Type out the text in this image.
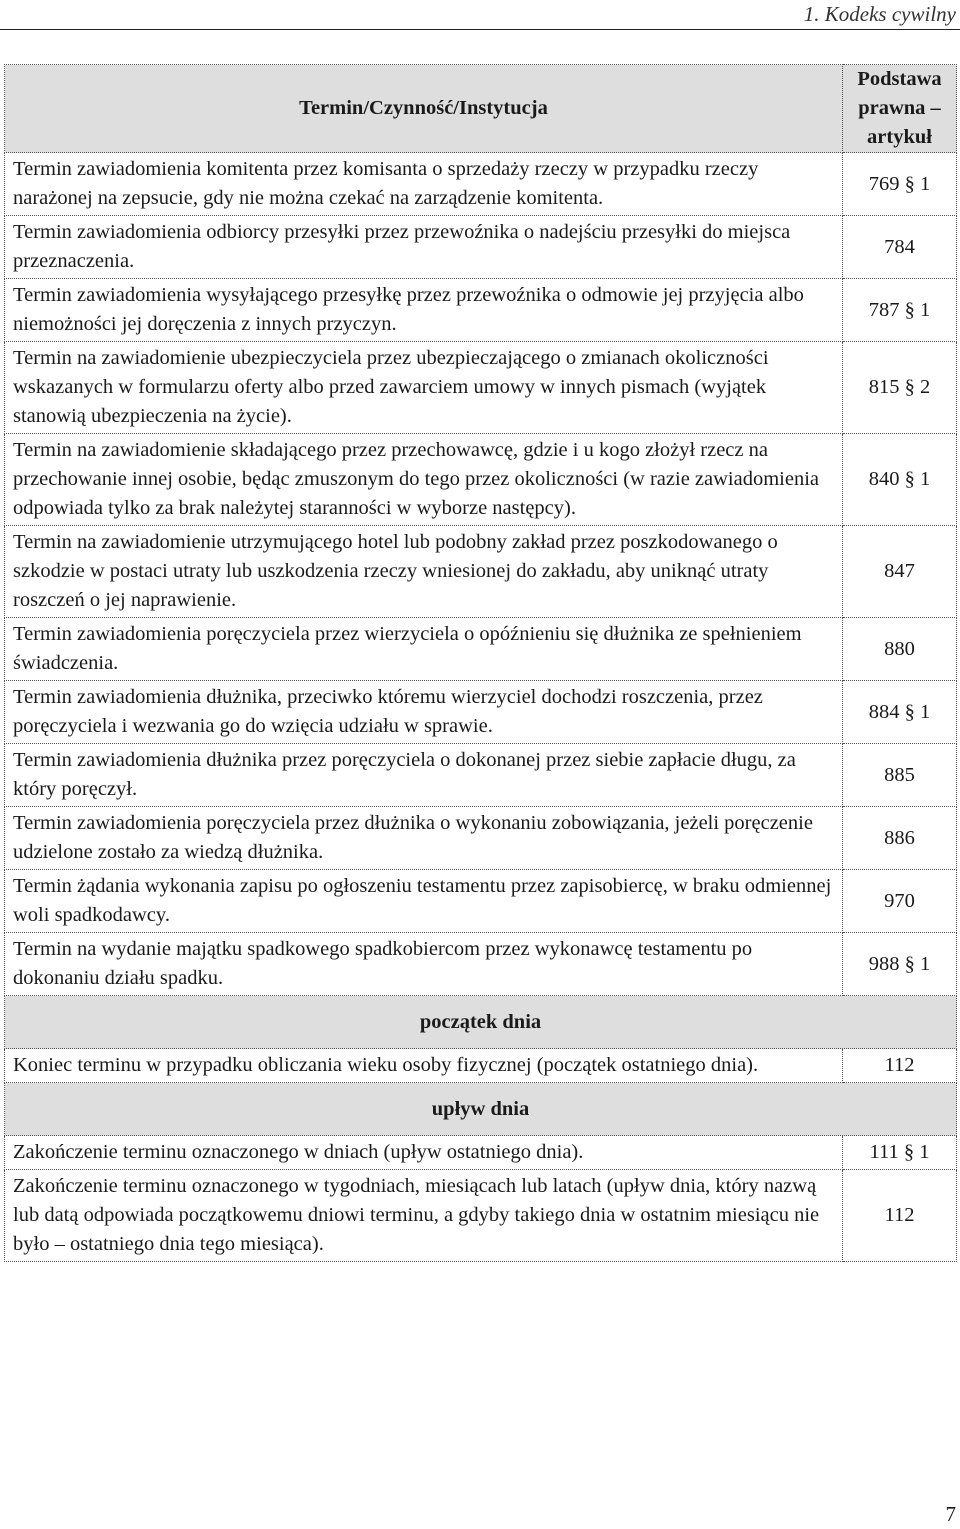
1. Kodeks cywilny
Termin/Czynność/Instytucja	Podstawa prawna – artykuł
Termin zawiadomienia komitenta przez komisanta o sprzedaży rzeczy w przypadku rzeczy narażonej na zepsucie, gdy nie można czekać na zarządzenie komitenta.	769 § 1
Termin zawiadomienia odbiorcy przesyłki przez przewoźnika o nadejściu przesyłki do miejsca przeznaczenia.	784
Termin zawiadomienia wysyłającego przesyłkę przez przewoźnika o odmowie jej przyjęcia albo niemożności jej doręczenia z innych przyczyn.	787 § 1
Termin na zawiadomienie ubezpieczyciela przez ubezpieczającego o zmianach okoliczności wskazanych w formularzu oferty albo przed zawarciem umowy w innych pismach (wyjątek stanowią ubezpieczenia na życie).	815 § 2
Termin na zawiadomienie składającego przez przechowawcę, gdzie i u kogo złożył rzecz na przechowanie innej osobie, będąc zmuszonym do tego przez okoliczności (w razie zawiadomienia odpowiada tylko za brak należytej staranności w wyborze następcy).	840 § 1
Termin na zawiadomienie utrzymującego hotel lub podobny zakład przez poszkodowanego o szkodzie w postaci utraty lub uszkodzenia rzeczy wniesionej do zakładu, aby uniknąć utraty roszczeń o jej naprawienie.	847
Termin zawiadomienia poręczyciela przez wierzyciela o opóźnieniu się dłużnika ze spełnieniem świadczenia.	880
Termin zawiadomienia dłużnika, przeciwko któremu wierzyciel dochodzi roszczenia, przez poręczyciela i wezwania go do wzięcia udziału w sprawie.	884 § 1
Termin zawiadomienia dłużnika przez poręczyciela o dokonanej przez siebie zapłacie długu, za który poręczył.	885
Termin zawiadomienia poręczyciela przez dłużnika o wykonaniu zobowiązania, jeżeli poręczenie udzielone zostało za wiedzą dłużnika.	886
Termin żądania wykonania zapisu po ogłoszeniu testamentu przez zapisobiercę, w braku odmiennej woli spadkodawcy.	970
Termin na wydanie majątku spadkowego spadkobiercom przez wykonawcę testamentu po dokonaniu działu spadku.	988 § 1
początek dnia	
Koniec terminu w przypadku obliczania wieku osoby fizycznej (początek ostatniego dnia).	112
upływ dnia	
Zakończenie terminu oznaczonego w dniach (upływ ostatniego dnia).	111 § 1
Zakończenie terminu oznaczonego w tygodniach, miesiącach lub latach (upływ dnia, który nazwą lub datą odpowiada początkowemu dniowi terminu, a gdyby takiego dnia w ostatnim miesiącu nie było – ostatniego dnia tego miesiąca).	112
7
